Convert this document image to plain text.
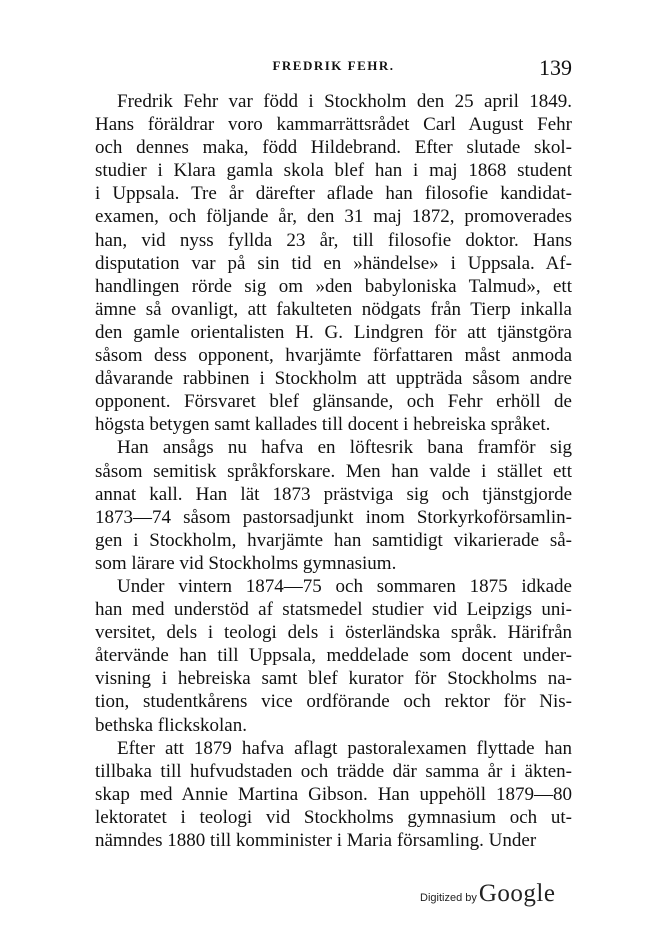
FREDRIK FEHR.	139

Fredrik Fehr var född i Stockholm den 25 april 1849.
Hans föräldrar voro kammarrättsrådet Carl August Fehr
och dennes maka, född Hildebrand. Efter slutade skol-
studier i Klara gamla skola blef han i maj 1868 student
i Uppsala. Tre år därefter aflade han filosofie kandidat-
examen, och följande år, den 31 maj 1872, promoverades
han, vid nyss fyllda 23 år, till filosofie doktor. Hans
disputation var på sin tid en »händelse» i Uppsala. Af-
handlingen rörde sig om »den babyloniska Talmud», ett
ämne så ovanligt, att fakulteten nödgats från Tierp inkalla
den gamle orientalisten H. G. Lindgren för att tjänstgöra
såsom dess opponent, hvarjämte författaren måst anmoda
dåvarande rabbinen i Stockholm att uppträda såsom andre
opponent. Försvaret blef glänsande, och Fehr erhöll de
högsta betygen samt kallades till docent i hebreiska språket.

Han ansågs nu hafva en löftesrik bana framför sig
såsom semitisk språkforskare. Men han valde i stället ett
annat kall. Han lät 1873 prästviga sig och tjänstgjorde
1873—74 såsom pastorsadjunkt inom Storkyrkoförsamlin-
gen i Stockholm, hvarjämte han samtidigt vikarierade så-
som lärare vid Stockholms gymnasium.

Under vintern 1874—75 och sommaren 1875 idkade
han med understöd af statsmedel studier vid Leipzigs uni-
versitet, dels i teologi dels i österländska språk. Härifrån
återvände han till Uppsala, meddelade som docent under-
visning i hebreiska samt blef kurator för Stockholms na-
tion, studentkårens vice ordförande och rektor för Nis-
bethska flickskolan.

Efter att 1879 hafva aflagt pastoralexamen flyttade han
tillbaka till hufvudstaden och trädde där samma år i äkten-
skap med Annie Martina Gibson. Han uppehöll 1879—80
lektoratet i teologi vid Stockholms gymnasium och ut-
nämndes 1880 till komminister i Maria församling. Under

Digitized by Google
